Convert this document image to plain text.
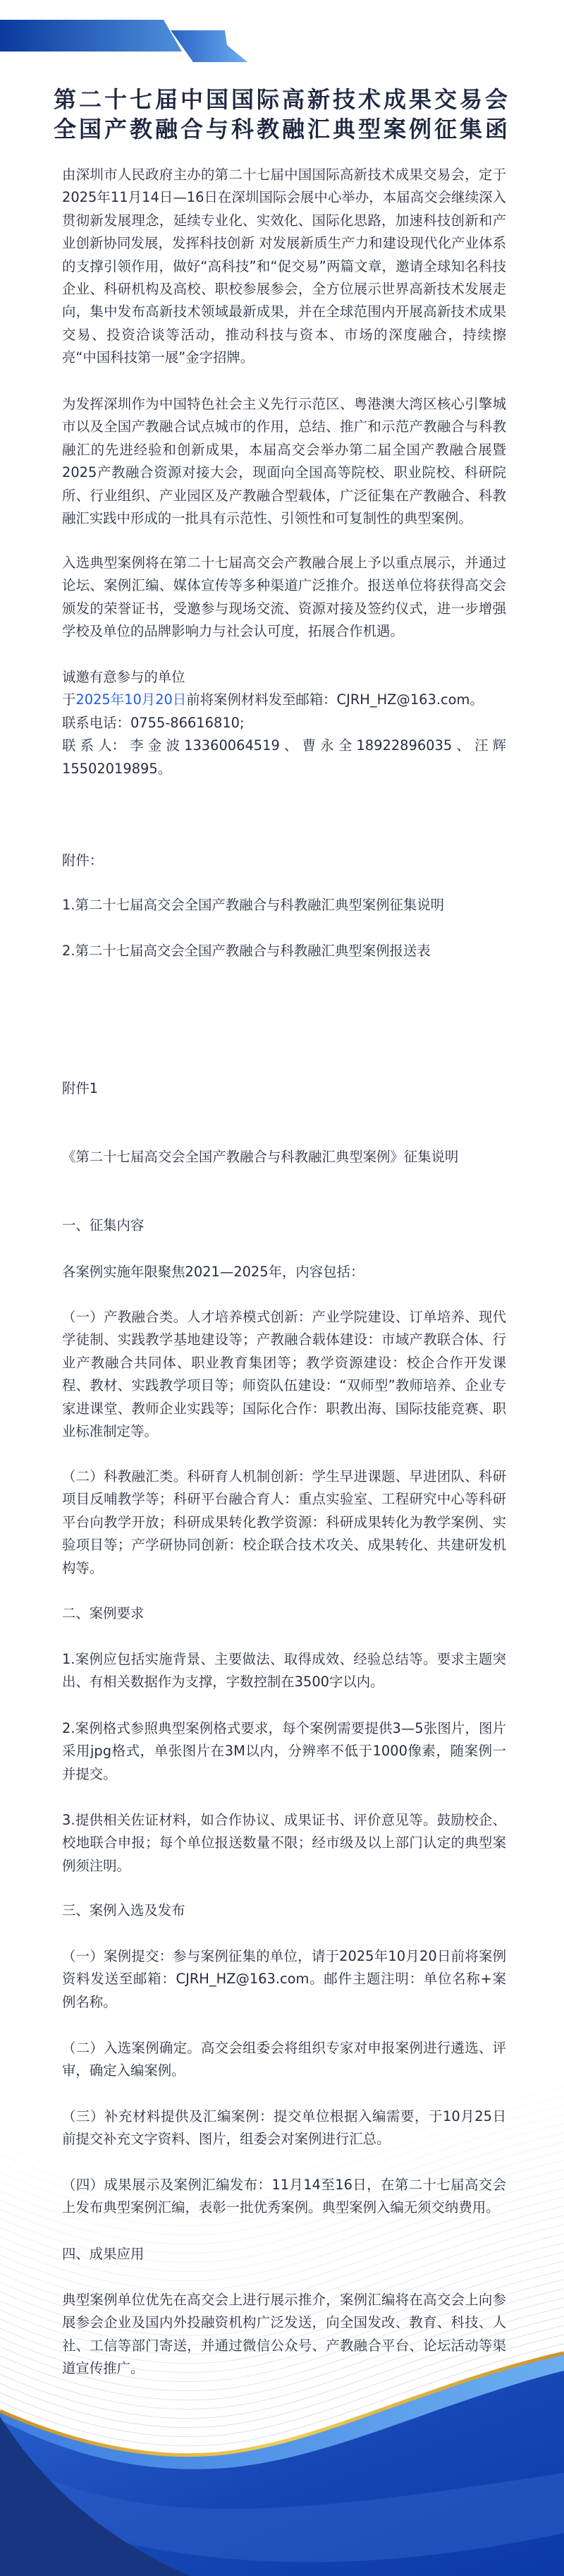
第二十七届中国国际高新技术成果交易会
全国产教融合与科教融汇典型案例征集函

由深圳市人民政府主办的第二十七届中国国际高新技术成果交易会，定于2025年11月14日—16日在深圳国际会展中心举办，本届高交会继续深入贯彻新发展理念，延续专业化、实效化、国际化思路，加速科技创新和产业创新协同发展，发挥科技创新 对发展新质生产力和建设现代化产业体系的支撑引领作用，做好“高科技”和“促交易”两篇文章，邀请全球知名科技企业、科研机构及高校、职校参展参会，全方位展示世界高新技术发展走向，集中发布高新技术领域最新成果，并在全球范围内开展高新技术成果交易、投资洽谈等活动，推动科技与资本、市场的深度融合，持续擦亮“中国科技第一展”金字招牌。

为发挥深圳作为中国特色社会主义先行示范区、粤港澳大湾区核心引擎城市以及全国产教融合试点城市的作用，总结、推广和示范产教融合与科教融汇的先进经验和创新成果，本届高交会举办第二届全国产教融合展暨2025产教融合资源对接大会，现面向全国高等院校、职业院校、科研院所、行业组织、产业园区及产教融合型载体，广泛征集在产教融合、科教融汇实践中形成的一批具有示范性、引领性和可复制性的典型案例。

入选典型案例将在第二十七届高交会产教融合展上予以重点展示，并通过论坛、案例汇编、媒体宣传等多种渠道广泛推介。报送单位将获得高交会颁发的荣誉证书，受邀参与现场交流、资源对接及签约仪式，进一步增强学校及单位的品牌影响力与社会认可度，拓展合作机遇。

诚邀有意参与的单位
于2025年10月20日前将案例材料发至邮箱：CJRH_HZ@163.com。
联系电话：0755-86616810;
联 系 人： 李 金 波 13360064519 、 曹 永 全 18922896035 、 汪 辉 15502019895。

附件：

1.第二十七届高交会全国产教融合与科教融汇典型案例征集说明

2.第二十七届高交会全国产教融合与科教融汇典型案例报送表

附件1

《第二十七届高交会全国产教融合与科教融汇典型案例》征集说明

一、征集内容

各案例实施年限聚焦2021—2025年，内容包括：

（一）产教融合类。人才培养模式创新：产业学院建设、订单培养、现代学徒制、实践教学基地建设等；产教融合载体建设：市域产教联合体、行业产教融合共同体、职业教育集团等；教学资源建设：校企合作开发课程、教材、实践教学项目等；师资队伍建设：“双师型”教师培养、企业专家进课堂、教师企业实践等；国际化合作：职教出海、国际技能竞赛、职业标准制定等。

（二）科教融汇类。科研育人机制创新：学生早进课题、早进团队、科研项目反哺教学等；科研平台融合育人：重点实验室、工程研究中心等科研平台向教学开放；科研成果转化教学资源：科研成果转化为教学案例、实验项目等；产学研协同创新：校企联合技术攻关、成果转化、共建研发机构等。

二、案例要求

1.案例应包括实施背景、主要做法、取得成效、经验总结等。要求主题突出、有相关数据作为支撑，字数控制在3500字以内。

2.案例格式参照典型案例格式要求，每个案例需要提供3—5张图片，图片采用jpg格式，单张图片在3M以内，分辨率不低于1000像素，随案例一并提交。

3.提供相关佐证材料，如合作协议、成果证书、评价意见等。鼓励校企、校地联合申报；每个单位报送数量不限；经市级及以上部门认定的典型案例须注明。

三、案例入选及发布

（一）案例提交：参与案例征集的单位，请于2025年10月20日前将案例资料发送至邮箱：CJRH_HZ@163.com。邮件主题注明：单位名称+案例名称。

（二）入选案例确定。高交会组委会将组织专家对申报案例进行遴选、评审，确定入编案例。

（三）补充材料提供及汇编案例：提交单位根据入编需要，于10月25日前提交补充文字资料、图片，组委会对案例进行汇总。

（四）成果展示及案例汇编发布：11月14至16日，在第二十七届高交会上发布典型案例汇编，表彰一批优秀案例。典型案例入编无须交纳费用。

四、成果应用

典型案例单位优先在高交会上进行展示推介，案例汇编将在高交会上向参展参会企业及国内外投融资机构广泛发送，向全国发改、教育、科技、人社、工信等部门寄送，并通过微信公众号、产教融合平台、论坛活动等渠道宣传推广。
